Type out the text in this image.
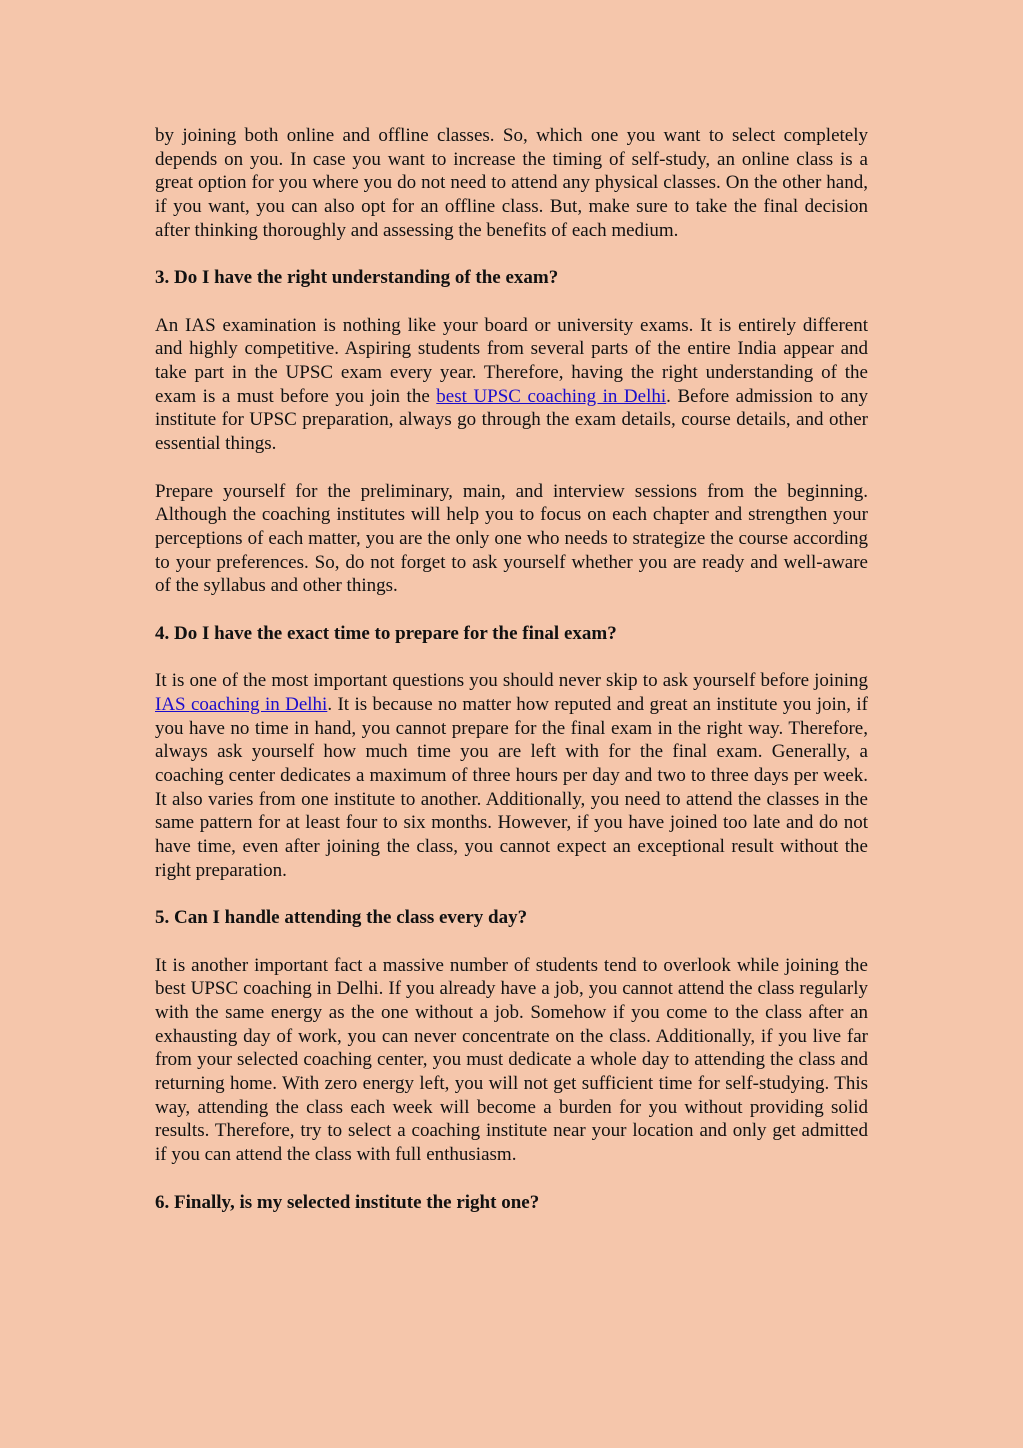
by joining both online and offline classes. So, which one you want to select completely depends on you. In case you want to increase the timing of self-study, an online class is a great option for you where you do not need to attend any physical classes. On the other hand, if you want, you can also opt for an offline class. But, make sure to take the final decision after thinking thoroughly and assessing the benefits of each medium.

3. Do I have the right understanding of the exam?

An IAS examination is nothing like your board or university exams. It is entirely different and highly competitive. Aspiring students from several parts of the entire India appear and take part in the UPSC exam every year. Therefore, having the right understanding of the exam is a must before you join the best UPSC coaching in Delhi. Before admission to any institute for UPSC preparation, always go through the exam details, course details, and other essential things.

Prepare yourself for the preliminary, main, and interview sessions from the beginning. Although the coaching institutes will help you to focus on each chapter and strengthen your perceptions of each matter, you are the only one who needs to strategize the course according to your preferences. So, do not forget to ask yourself whether you are ready and well-aware of the syllabus and other things.

4. Do I have the exact time to prepare for the final exam?

It is one of the most important questions you should never skip to ask yourself before joining IAS coaching in Delhi. It is because no matter how reputed and great an institute you join, if you have no time in hand, you cannot prepare for the final exam in the right way. Therefore, always ask yourself how much time you are left with for the final exam. Generally, a coaching center dedicates a maximum of three hours per day and two to three days per week. It also varies from one institute to another. Additionally, you need to attend the classes in the same pattern for at least four to six months. However, if you have joined too late and do not have time, even after joining the class, you cannot expect an exceptional result without the right preparation.

5. Can I handle attending the class every day?

It is another important fact a massive number of students tend to overlook while joining the best UPSC coaching in Delhi. If you already have a job, you cannot attend the class regularly with the same energy as the one without a job. Somehow if you come to the class after an exhausting day of work, you can never concentrate on the class. Additionally, if you live far from your selected coaching center, you must dedicate a whole day to attending the class and returning home. With zero energy left, you will not get sufficient time for self-studying. This way, attending the class each week will become a burden for you without providing solid results. Therefore, try to select a coaching institute near your location and only get admitted if you can attend the class with full enthusiasm.

6. Finally, is my selected institute the right one?
